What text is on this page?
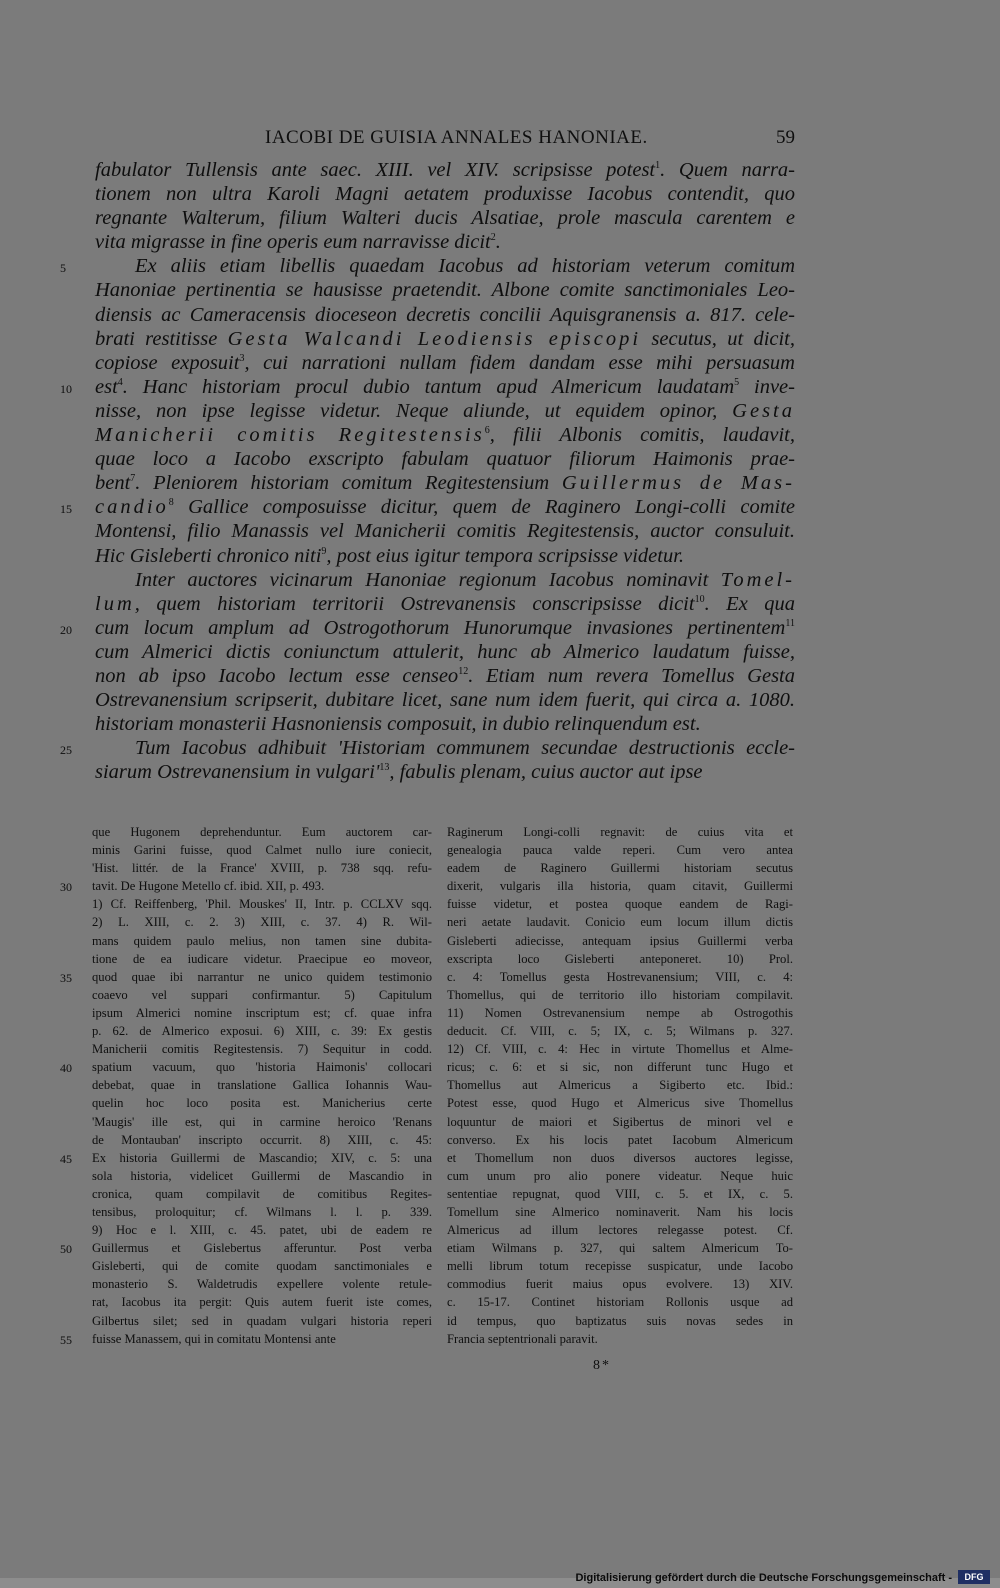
IACOBI DE GUISIA ANNALES HANONIAE.	59
fabulator Tullensis ante saec. XIII. vel XIV. scripsisse potest$^1$. Quem narra-
tionem non ultra Karoli Magni aetatem produxisse Iacobus contendit, quo
regnante Walterum, filium Walteri ducis Alsatiae, prole mascula carentem e
vita migrasse in fine operis eum narravisse dicit$^2$.
Ex aliis etiam libellis quaedam Iacobus ad historiam veterum comitum
Hanoniae pertinentia se hausisse praetendit. Albone comite sanctimoniales Leo-
diensis ac Cameracensis dioceseon decretis concilii Aquisgranensis a. 817. cele-
brati restitisse Gesta Walcandi Leodiensis episcopi secutus, ut dicit,
copiose exposuit$^3$, cui narrationi nullam fidem dandam esse mihi persuasum
est$^4$. Hanc historiam procul dubio tantum apud Almericum laudatam$^5$ inve-
nisse, non ipse legisse videtur. Neque aliunde, ut equidem opinor, Gesta
Manicherii comitis Regitestensis$^6$, filii Albonis comitis, laudavit,
quae loco a Iacobo exscripto fabulam quatuor filiorum Haimonis prae-
bent$^7$. Pleniorem historiam comitum Regitestensium Guillermus de Mas-
candio$^8$ Gallice composuisse dicitur, quem de Raginero Longi-colli comite
Montensi, filio Manassis vel Manicherii comitis Regitestensis, auctor consuluit.
Hic Gisleberti chronico niti$^9$, post eius igitur tempora scripsisse videtur.
Inter auctores vicinarum Hanoniae regionum Iacobus nominavit Tomel-
lum, quem historiam territorii Ostrevanensis conscripsisse dicit$^{10}$. Ex qua
cum locum amplum ad Ostrogothorum Hunorumque invasiones pertinentem$^{11}$
cum Almerici dictis coniunctum attulerit, hunc ab Almerico laudatum fuisse,
non ab ipso Iacobo lectum esse censeo$^{12}$. Etiam num revera Tomellus Gesta
Ostrevanensium scripserit, dubitare licet, sane num idem fuerit, qui circa a. 1080.
historiam monasterii Hasnoniensis composuit, in dubio relinquendum est.
Tum Iacobus adhibuit 'Historiam communem secundae destructionis eccle-
siarum Ostrevanensium in $vulgari'^{13}$, fabulis plenam, cuius auctor aut ipse
5
10
15
20
25
que Hugonem deprehenduntur. Eum auctorem car-
minis Garini fuisse, quod Calmet nullo iure coniecit,
'Hist. littér. de la France' XVIII, p. 738 sqq. refu-
tavit. De Hugone Metello cf. ibid. XII, p. 493.
1) Cf. Reiffenberg, 'Phil. Mouskes' II, Intr. p. CCLXV sqq.
2) L. XIII, c. 2. 3) XIII, c. 37. 4) R. Wil-
mans quidem paulo melius, non tamen sine dubita-
tione de ea iudicare videtur. Praecipue eo moveor,
quod quae ibi narrantur ne unico quidem testimonio
coaevo vel suppari confirmantur. 5) Capitulum
ipsum Almerici nomine inscriptum est; cf. quae infra
p. 62. de Almerico exposui. 6) XIII, c. 39: Ex gestis
Manicherii comitis Regitestensis. 7) Sequitur in codd.
spatium vacuum, quo 'historia Haimonis' collocari
debebat, quae in translatione Gallica Iohannis Wau-
quelin hoc loco posita est. Manicherius certe
'Maugis' ille est, qui in carmine heroico 'Renans
de Montauban' inscripto occurrit. 8) XIII, c. 45:
Ex historia Guillermi de Mascandio; XIV, c. 5: una
sola historia, videlicet Guillermi de Mascandio in
cronica, quam compilavit de comitibus Regites-
tensibus, proloquitur; cf. Wilmans l. l. p. 339.
9) Hoc e l. XIII, c. 45. patet, ubi de eadem re
Guillermus et Gislebertus afferuntur. Post verba
Gisleberti, qui de comite quodam sanctimoniales e
monasterio S. Waldetrudis expellere volente retule-
rat, Iacobus ita pergit: Quis autem fuerit iste comes,
Gilbertus silet; sed in quadam vulgari historia reperi
fuisse Manassem, qui in comitatu Montensi ante
Raginerum Longi-colli regnavit: de cuius vita et
genealogia pauca valde reperi. Cum vero antea
eadem de Raginero Guillermi historiam secutus
dixerit, vulgaris illa historia, quam citavit, Guillermi
fuisse videtur, et postea quoque eandem de Ragi-
neri aetate laudavit. Conicio eum locum illum dictis
Gisleberti adiecisse, antequam ipsius Guillermi verba
exscripta loco Gisleberti anteponeret. 10) Prol.
c. 4: Tomellus gesta Hostrevanensium; VIII, c. 4:
Thomellus, qui de territorio illo historiam compilavit.
11) Nomen Ostrevanensium nempe ab Ostrogothis
deducit. Cf. VIII, c. 5; IX, c. 5; Wilmans p. 327.
12) Cf. VIII, c. 4: Hec in virtute Thomellus et Alme-
ricus; c. 6: et si sic, non differunt tunc Hugo et
Thomellus aut Almericus a Sigiberto etc. Ibid.:
Potest esse, quod Hugo et Almericus sive Thomellus
loquuntur de maiori et Sigibertus de minori vel e
converso. Ex his locis patet Iacobum Almericum
et Thomellum non duos diversos auctores legisse,
cum unum pro alio ponere videatur. Neque huic
sententiae repugnat, quod VIII, c. 5. et IX, c. 5.
Tomellum sine Almerico nominaverit. Nam his locis
Almericus ad illum lectores relegasse potest. Cf.
etiam Wilmans p. 327, qui saltem Almericum To-
melli librum totum recepisse suspicatur, unde Iacobo
commodius fuerit maius opus evolvere. 13) XIV.
c. 15-17. Continet historiam Rollonis usque ad
id tempus, quo baptizatus suis novas sedes in
Francia septentrionali paravit.
30
35
40
45
50
55
8*
Digitalisierung gefördert durch die Deutsche Forschungsgemeinschaft -	DFG
